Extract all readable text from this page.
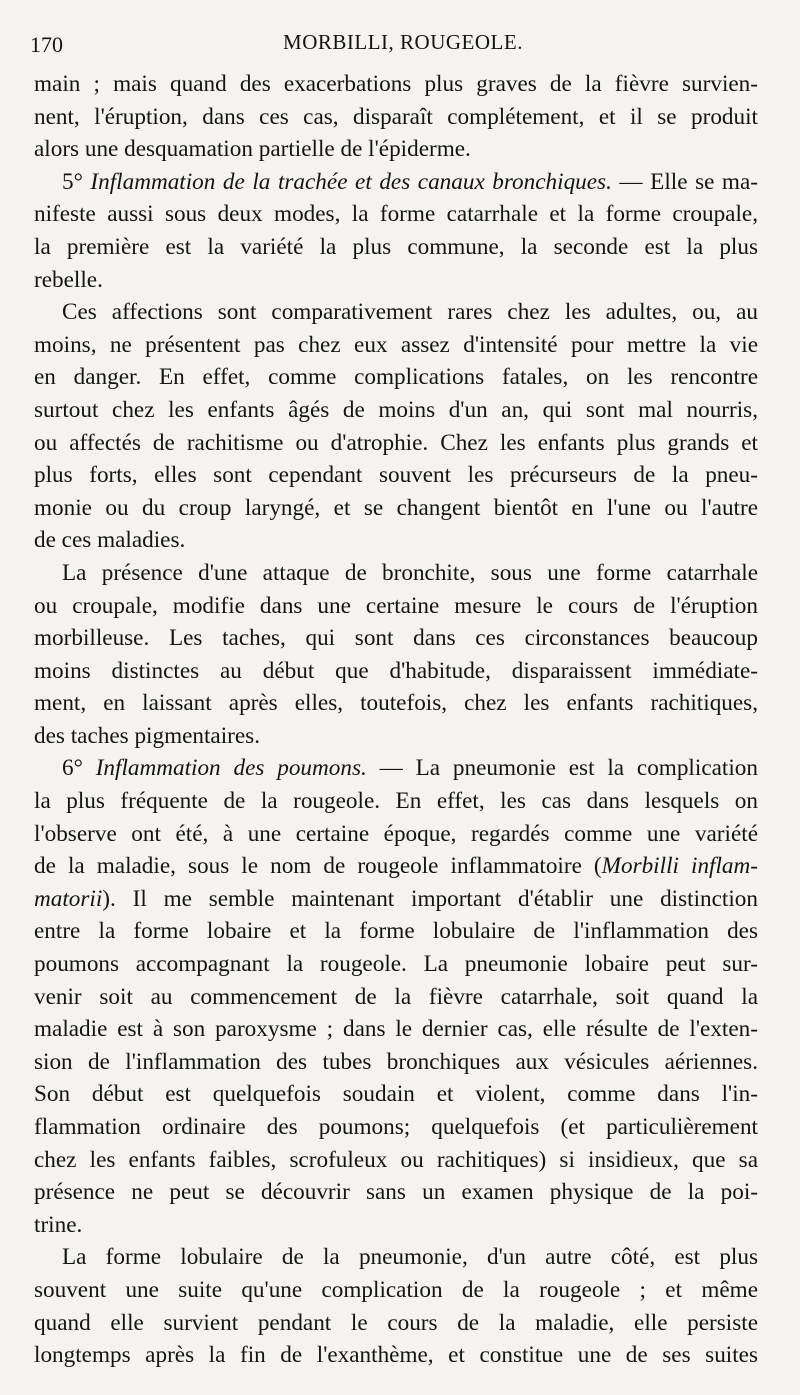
170	MORBILLI, ROUGEOLE.
main ; mais quand des exacerbations plus graves de la fièvre survien-
nent, l'éruption, dans ces cas, disparaît complétement, et il se produit
alors une desquamation partielle de l'épiderme.
5° Inflammation de la trachée et des canaux bronchiques. — Elle se ma-
nifeste aussi sous deux modes, la forme catarrhale et la forme croupale,
la première est la variété la plus commune, la seconde est la plus
rebelle.
Ces affections sont comparativement rares chez les adultes, ou, au
moins, ne présentent pas chez eux assez d'intensité pour mettre la vie
en danger. En effet, comme complications fatales, on les rencontre
surtout chez les enfants âgés de moins d'un an, qui sont mal nourris,
ou affectés de rachitisme ou d'atrophie. Chez les enfants plus grands et
plus forts, elles sont cependant souvent les précurseurs de la pneu-
monie ou du croup laryngé, et se changent bientôt en l'une ou l'autre
de ces maladies.
La présence d'une attaque de bronchite, sous une forme catarrhale
ou croupale, modifie dans une certaine mesure le cours de l'éruption
morbilleuse. Les taches, qui sont dans ces circonstances beaucoup
moins distinctes au début que d'habitude, disparaissent immédiate-
ment, en laissant après elles, toutefois, chez les enfants rachitiques,
des taches pigmentaires.
6° Inflammation des poumons. — La pneumonie est la complication
la plus fréquente de la rougeole. En effet, les cas dans lesquels on
l'observe ont été, à une certaine époque, regardés comme une variété
de la maladie, sous le nom de rougeole inflammatoire (Morbilli inflam-
matorii). Il me semble maintenant important d'établir une distinction
entre la forme lobaire et la forme lobulaire de l'inflammation des
poumons accompagnant la rougeole. La pneumonie lobaire peut sur-
venir soit au commencement de la fièvre catarrhale, soit quand la
maladie est à son paroxysme ; dans le dernier cas, elle résulte de l'exten-
sion de l'inflammation des tubes bronchiques aux vésicules aériennes.
Son début est quelquefois soudain et violent, comme dans l'in-
flammation ordinaire des poumons; quelquefois (et particulièrement
chez les enfants faibles, scrofuleux ou rachitiques) si insidieux, que sa
présence ne peut se découvrir sans un examen physique de la poi-
trine.
La forme lobulaire de la pneumonie, d'un autre côté, est plus
souvent une suite qu'une complication de la rougeole ; et même
quand elle survient pendant le cours de la maladie, elle persiste
longtemps après la fin de l'exanthème, et constitue une de ses suites
